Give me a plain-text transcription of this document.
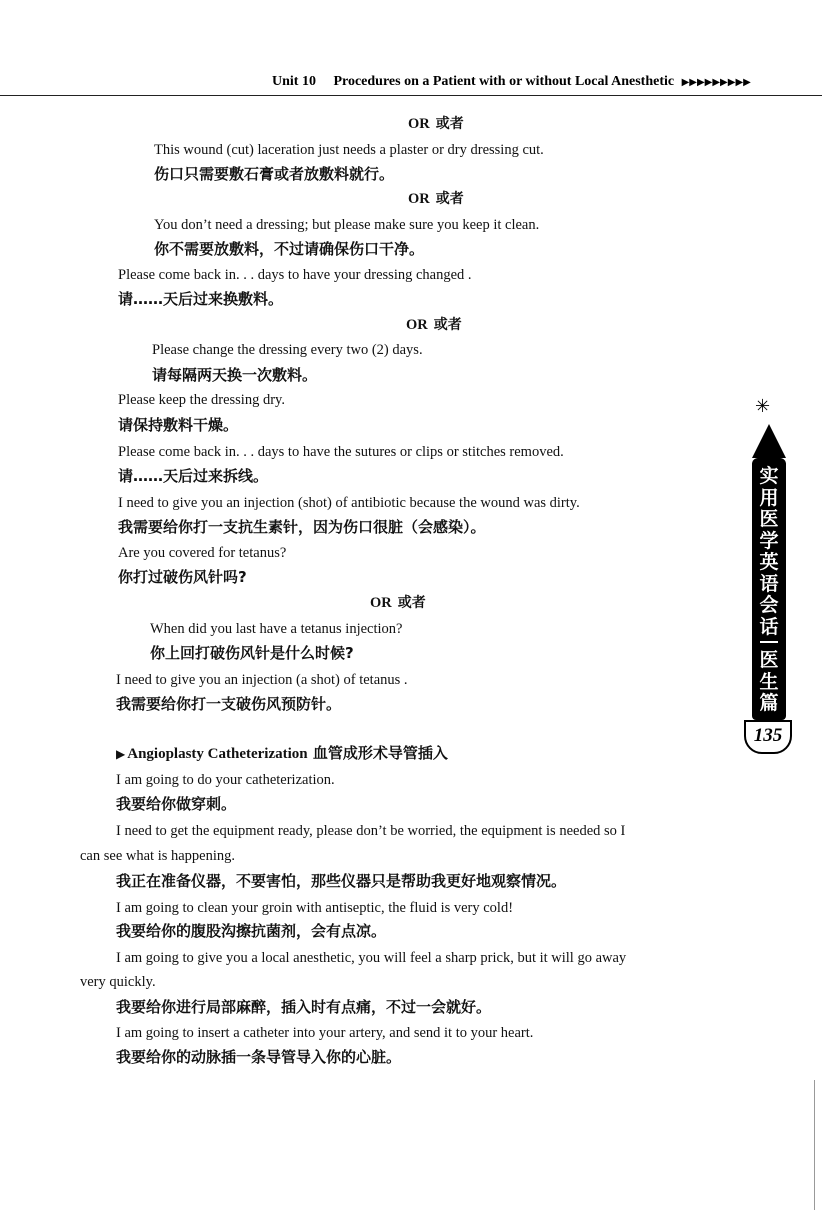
Unit 10 Procedures on a Patient with or without Local Anesthetic ▶▶▶▶▶▶▶▶▶
OR 或者
This wound (cut) laceration just needs a plaster or dry dressing cut.
伤口只需要敷石膏或者放敷料就行。
OR 或者
You don’t need a dressing; but please make sure you keep it clean.
你不需要放敷料，不过请确保伤口干净。
Please come back in. . . days to have your dressing changed .
请……天后过来换敷料。
OR 或者
Please change the dressing every two (2) days.
请每隔两天换一次敷料。
Please keep the dressing dry.
请保持敷料干燥。
Please come back in. . . days to have the sutures or clips or stitches removed.
请……天后过来拆线。
I need to give you an injection (shot) of antibiotic because the wound was dirty.
我需要给你打一支抗生素针，因为伤口很脏（会感染）。
Are you covered for tetanus?
你打过破伤风针吗?
OR 或者
When did you last have a tetanus injection?
你上回打破伤风针是什么时候?
I need to give you an injection (a shot) of tetanus .
我需要给你打一支破伤风预防针。
▶ Angioplasty Catheterization 血管成形术导管插入
I am going to do your catheterization.
我要给你做穿刺。
I need to get the equipment ready, please don’t be worried, the equipment is needed so I
can see what is happening.
我正在准备仪器，不要害怕，那些仪器只是帮助我更好地观察情况。
I am going to clean your groin with antiseptic, the fluid is very cold!
我要给你的腹股沟擦抗菌剂，会有点凉。
I am going to give you a local anesthetic, you will feel a sharp prick, but it will go away
very quickly.
我要给你进行局部麻醉，插入时有点痛，不过一会就好。
I am going to insert a catheter into your artery, and send it to your heart.
我要给你的动脉插一条导管导入你的心脏。
✳
实用医学英语会话
医生篇
135
